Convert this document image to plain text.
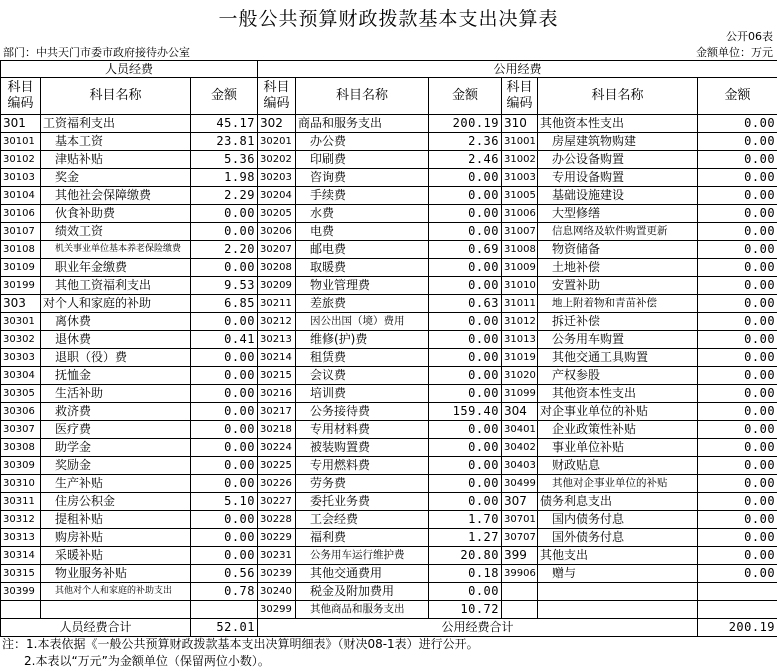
一般公共预算财政拨款基本支出决算表
公开06表
部门：中共天门市委市政府接待办公室	金额单位：万元
人员经费			公用经费					
科目编码	科目名称	金额	科目编码	科目名称	金额	科目编码	科目名称	金额
301	工资福利支出	45.17	302	商品和服务支出	200.19	310	其他资本性支出	0.00
30101	基本工资	23.81	30201	办公费	2.36	31001	房屋建筑物购建	0.00
30102	津贴补贴	5.36	30202	印刷费	2.46	31002	办公设备购置	0.00
30103	奖金	1.98	30203	咨询费	0.00	31003	专用设备购置	0.00
30104	其他社会保障缴费	2.29	30204	手续费	0.00	31005	基础设施建设	0.00
30106	伙食补助费	0.00	30205	水费	0.00	31006	大型修缮	0.00
30107	绩效工资	0.00	30206	电费	0.00	31007	信息网络及软件购置更新	0.00
30108	机关事业单位基本养老保险缴费	2.20	30207	邮电费	0.69	31008	物资储备	0.00
30109	职业年金缴费	0.00	30208	取暖费	0.00	31009	土地补偿	0.00
30199	其他工资福利支出	9.53	30209	物业管理费	0.00	31010	安置补助	0.00
303	对个人和家庭的补助	6.85	30211	差旅费	0.63	31011	地上附着物和青苗补偿	0.00
30301	离休费	0.00	30212	因公出国（境）费用	0.00	31012	拆迁补偿	0.00
30302	退休费	0.41	30213	维修(护)费	0.00	31013	公务用车购置	0.00
30303	退职（役）费	0.00	30214	租赁费	0.00	31019	其他交通工具购置	0.00
30304	抚恤金	0.00	30215	会议费	0.00	31020	产权参股	0.00
30305	生活补助	0.00	30216	培训费	0.00	31099	其他资本性支出	0.00
30306	救济费	0.00	30217	公务接待费	159.40	304	对企事业单位的补贴	0.00
30307	医疗费	0.00	30218	专用材料费	0.00	30401	企业政策性补贴	0.00
30308	助学金	0.00	30224	被装购置费	0.00	30402	事业单位补贴	0.00
30309	奖励金	0.00	30225	专用燃料费	0.00	30403	财政贴息	0.00
30310	生产补贴	0.00	30226	劳务费	0.00	30499	其他对企事业单位的补贴	0.00
30311	住房公积金	5.10	30227	委托业务费	0.00	307	债务利息支出	0.00
30312	提租补贴	0.00	30228	工会经费	1.70	30701	国内债务付息	0.00
30313	购房补贴	0.00	30229	福利费	1.27	30707	国外债务付息	0.00
30314	采暖补贴	0.00	30231	公务用车运行维护费	20.80	399	其他支出	0.00
30315	物业服务补贴	0.56	30239	其他交通费用	0.18	39906	赠与	0.00
30399	其他对个人和家庭的补助支出	0.78	30240	税金及附加费用	0.00			
			30299	其他商品和服务支出	10.72			
人员经费合计		52.01	公用经费合计					200.19
注：1.本表依据《一般公共预算财政拨款基本支出决算明细表》（财决08-1表）进行公开。
2.本表以“万元”为金额单位（保留两位小数）。
